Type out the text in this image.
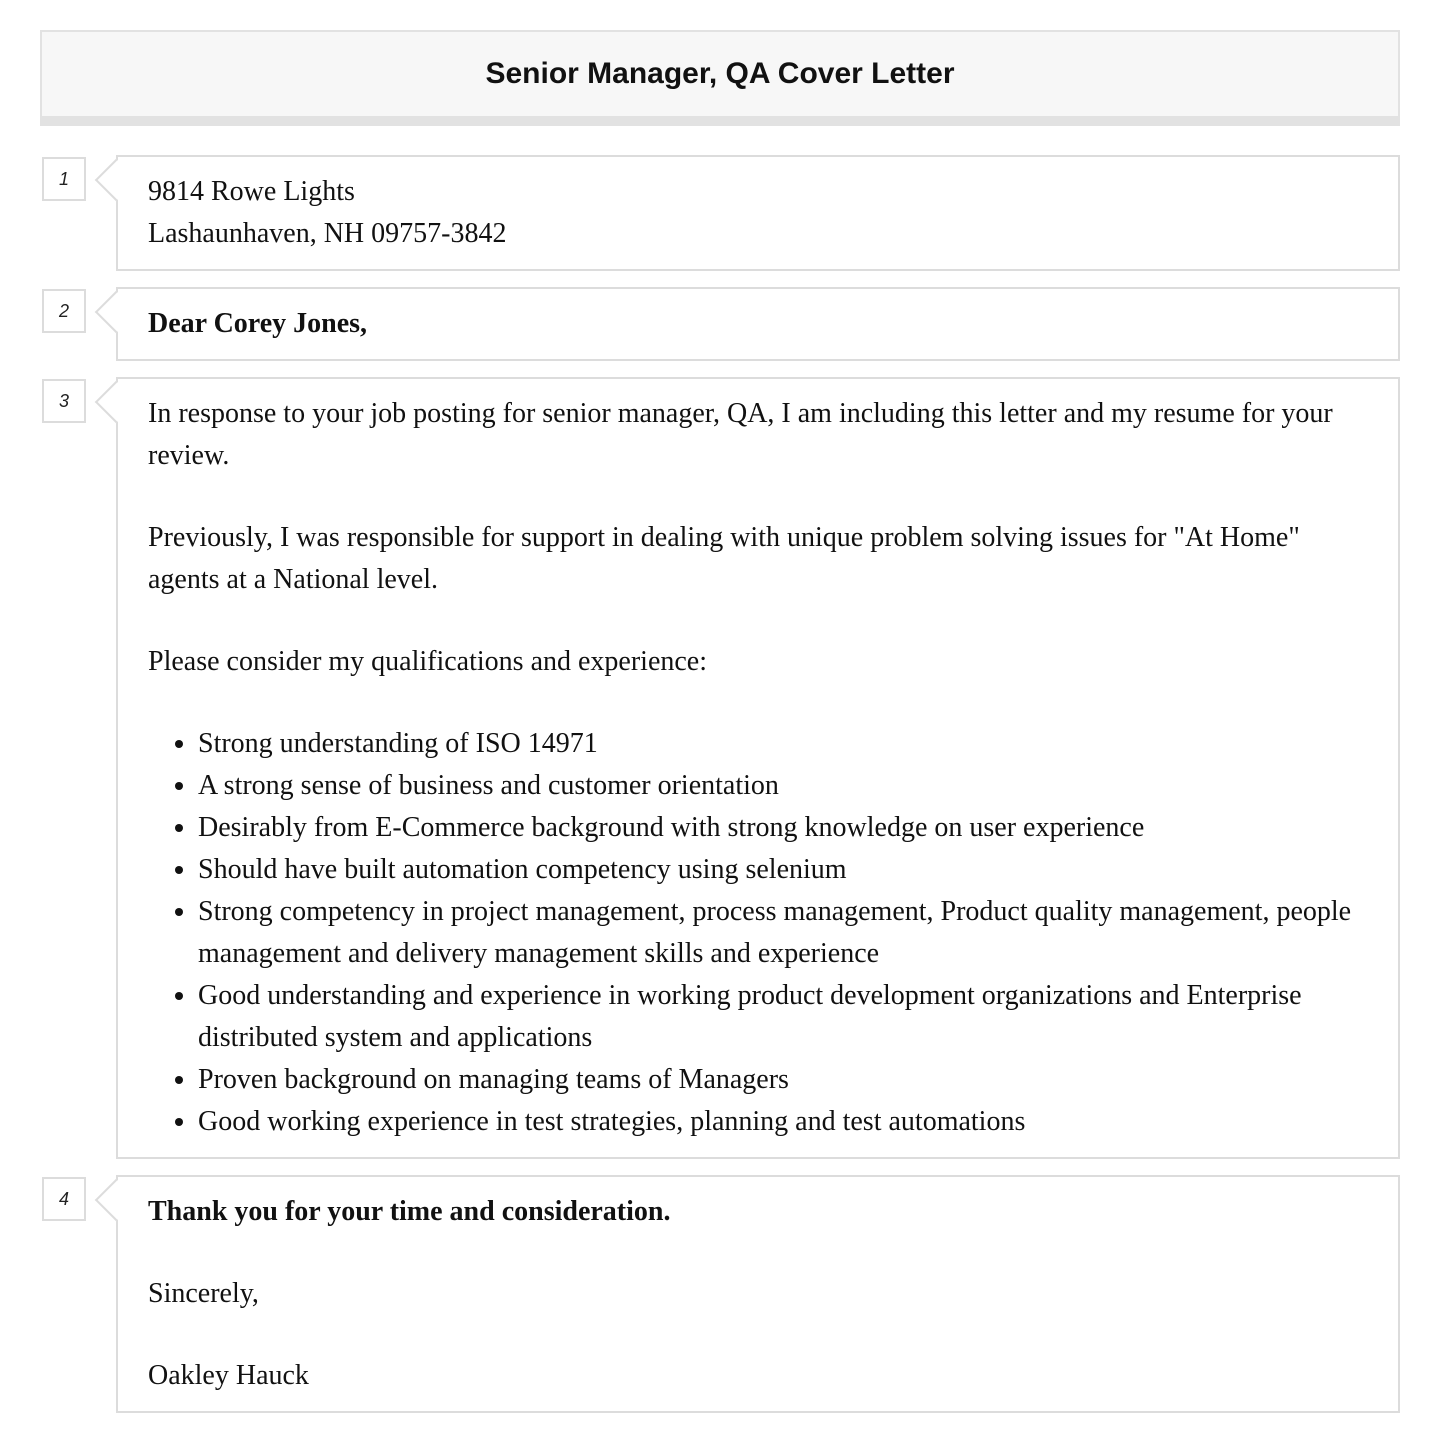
Senior Manager, QA Cover Letter
1	9814 Rowe Lights

Lashaunhaven, NH 09757-3842

2	Dear Corey Jones,

3	In response to your job posting for senior manager, QA, I am including this letter and my resume for your review.

Previously, I was responsible for support in dealing with unique problem solving issues for "At Home" agents at a National level.

Please consider my qualifications and experience:

• Strong understanding of ISO 14971
• A strong sense of business and customer orientation
• Desirably from E-Commerce background with strong knowledge on user experience
• Should have built automation competency using selenium
• Strong competency in project management, process management, Product quality management, people management and delivery management skills and experience
• Good understanding and experience in working product development organizations and Enterprise distributed system and applications
• Proven background on managing teams of Managers
• Good working experience in test strategies, planning and test automations
4	Thank you for your time and consideration.

Sincerely,

Oakley Hauck
